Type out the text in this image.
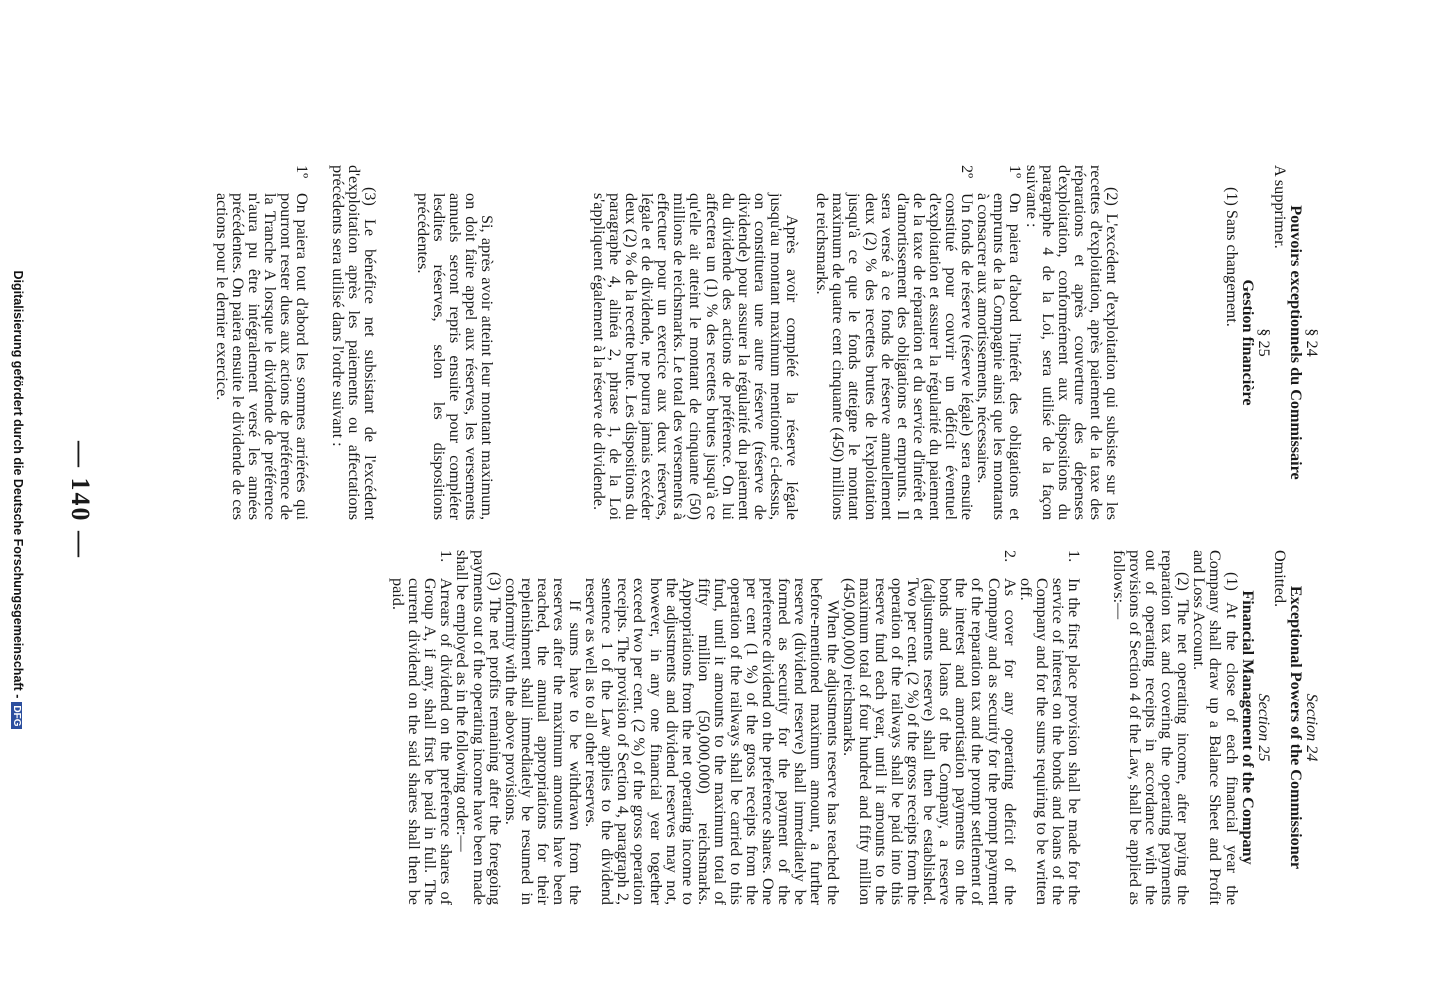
— 140 —

§ 24

Pouvoirs exceptionnels du Commissaire

A supprimer.

§ 25

Gestion financière

(1) Sans changement.

(2) L'excédent d'exploitation qui subsiste sur les recettes d'exploitation, après paiement de la taxe des réparations et après couverture des dépenses d'exploitation, conformément aux dispositions du paragraphe 4 de la Loi, sera utilisé de la façon suivante :

1º
On paiera d'abord l'intérêt des obligations et emprunts de la Compagnie ainsi que les montants à consacrer aux amortissements, nécessaires.

2º
Un fonds de réserve (réserve légale) sera ensuite constitué pour couvrir un déficit éventuel d'exploitation et assurer la régularité du paiement de la taxe de réparation et du service d'intérêt et d'amortissement des obligations et emprunts. Il sera versé à ce fonds de réserve annuellement deux (2) % des recettes brutes de l'exploitation jusqu'à ce que le fonds atteigne le montant maximum de quatre cent cinquante (450) millions de reichsmarks.

Après avoir complété la réserve légale jusqu'au montant maximum mentionné ci-dessus, on constituera une autre réserve (réserve de dividende) pour assurer la régularité du paiement du dividende des actions de préférence. On lui affectera un (1) % des recettes brutes jusqu'à ce qu'elle ait atteint le montant de cinquante (50) millions de reichsmarks. Le total des versements à effectuer pour un exercice aux deux réserves, légale et de dividende, ne pourra jamais excéder deux (2) % de la recette brute. Les dispositions du paragraphe 4, alinéa 2, phrase 1, de la Loi s'appliquent également à la réserve de dividende.

Si, après avoir atteint leur montant maximum, on doit faire appel aux réserves, les versements annuels seront repris ensuite pour compléter lesdites réserves, selon les dispositions précédentes.

(3) Le bénéfice net subsistant de l'excédent d'exploitation après les paiements ou affectations précédents sera utilisé dans l'ordre suivant :

1º
On paiera tout d'abord les sommes arriérées qui pourront rester dues aux actions de préférence de la Tranche A lorsque le dividende de préférence n'aura pu être intégralement versé les années précédentes. On paiera ensuite le dividende de ces actions pour le dernier exercice.

Section 24

Exceptional Powers of the Commissioner

Omitted.

Section 25

Financial Management of the Company

(1) At the close of each financial year the Company shall draw up a Balance Sheet and Profit and Loss Account.

(2) The net operating income, after paying the reparation tax and covering the operating payments out of operating receipts in accordance with the provisions of Section 4 of the Law, shall be applied as follows:—

1.
In the first place provision shall be made for the service of interest on the bonds and loans of the Company and for the sums requiring to be written off.

2.
As cover for any operating deficit of the Company and as security for the prompt payment of the reparation tax and the prompt settlement of the interest and amortisation payments on the bonds and loans of the Company, a reserve (adjustments reserve) shall then be established. Two per cent. (2 %) of the gross receipts from the operation of the railways shall be paid into this reserve fund each year, until it amounts to the maximum total of four hundred and fifty million (450,000,000) reichsmarks.

When the adjustments reserve has reached the before-mentioned maximum amount, a further reserve (dividend reserve) shall immediately be formed as security for the payment of the preference dividend on the preference shares. One per cent (1 %) of the gross receipts from the operation of the railways shall be carried to this fund, until it amounts to the maximum total of fifty million (50,000,000) reichsmarks. Appropriations from the net operating income to the adjustments and dividend reserves may not, however, in any one financial year together exceed two per cent. (2 %) of the gross operation receipts. The provision of Section 4, paragraph 2, sentence 1 of the Law applies to the dividend reserve as well as to all other reserves.

If sums have to be withdrawn from the reserves after the maximum amounts have been reached, the annual appropriations for their replenishment shall immediately be resumed in conformity with the above provisions.

(3) The net profits remaining after the foregoing payments out of the operating income have been made shall be employed as in the following order:—

1.
Arrears of dividend on the preference shares of Group A, if any, shall first be paid in full. The current dividend on the said shares shall then be paid.

Digitalisierung gefördert durch die Deutsche Forschungsgemeinschaft -DFG
